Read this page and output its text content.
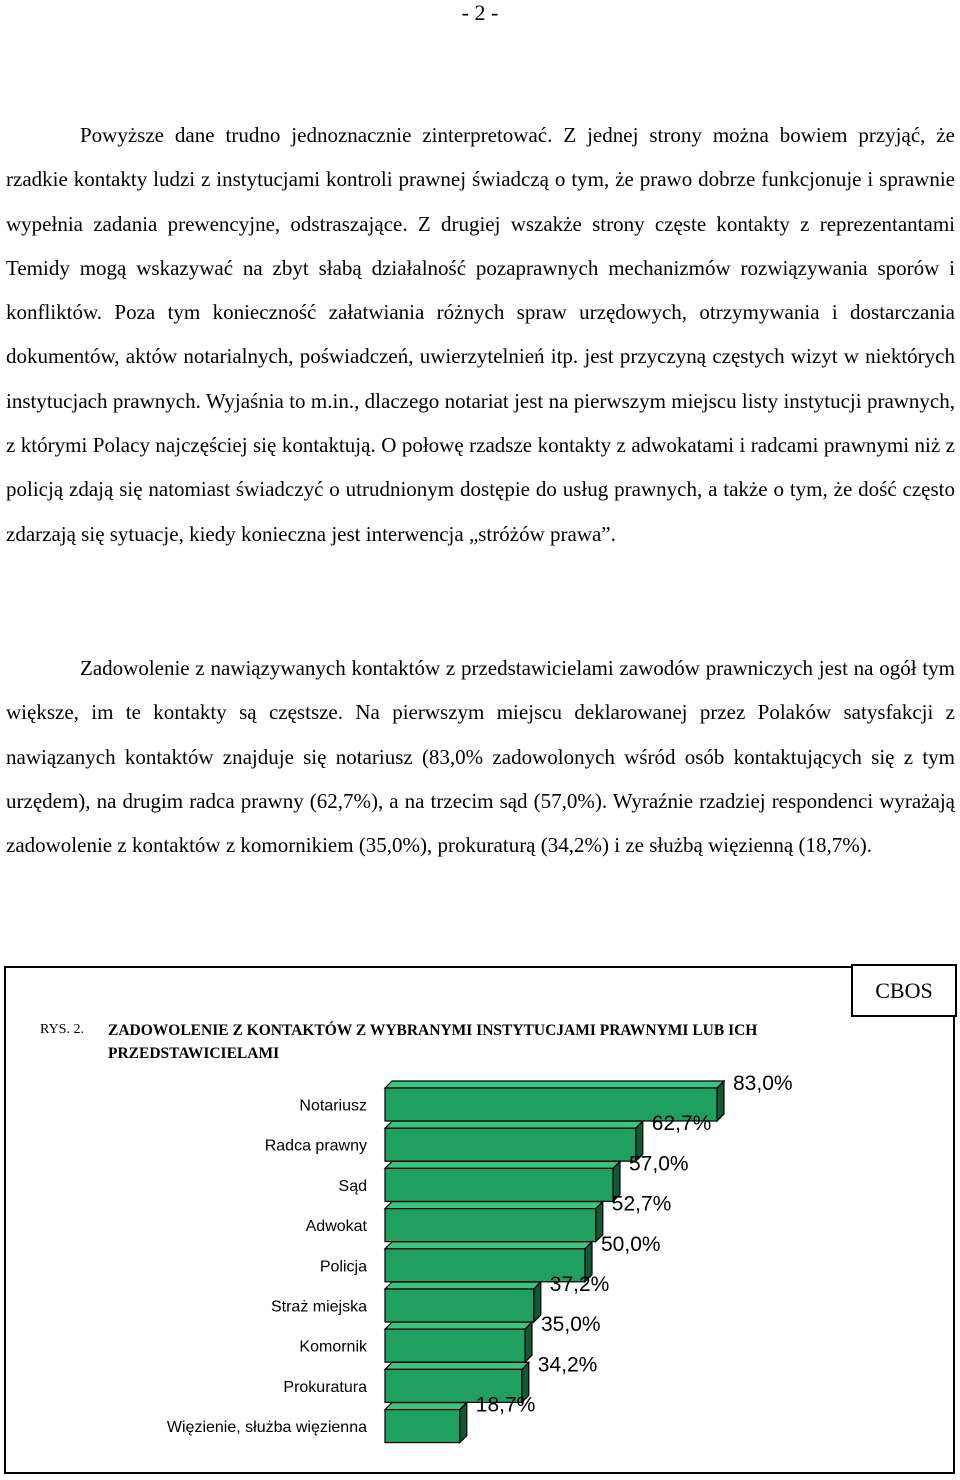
- 2 -

Powyższe dane trudno jednoznacznie zinterpretować. Z jednej strony można bowiem przyjąć, że rzadkie kontakty ludzi z instytucjami kontroli prawnej świadczą o tym, że prawo dobrze funkcjonuje i sprawnie wypełnia zadania prewencyjne, odstraszające. Z drugiej wszakże strony częste kontakty z reprezentantami Temidy mogą wskazywać na zbyt słabą działalność pozaprawnych mechanizmów rozwiązywania sporów i konfliktów. Poza tym konieczność załatwiania różnych spraw urzędowych, otrzymywania i dostarczania dokumentów, aktów notarialnych, poświadczeń, uwierzytelnień itp. jest przyczyną częstych wizyt w niektórych instytucjach prawnych. Wyjaśnia to m.in., dlaczego notariat jest na pierwszym miejscu listy instytucji prawnych, z którymi Polacy najczęściej się kontaktują. O połowę rzadsze kontakty z adwokatami i radcami prawnymi niż z policją zdają się natomiast świadczyć o utrudnionym dostępie do usług prawnych, a także o tym, że dość często zdarzają się sytuacje, kiedy konieczna jest interwencja „stróżów prawa”.

Zadowolenie z nawiązywanych kontaktów z przedstawicielami zawodów prawniczych jest na ogół tym większe, im te kontakty są częstsze. Na pierwszym miejscu deklarowanej przez Polaków satysfakcji z nawiązanych kontaktów znajduje się notariusz (83,0% zadowolonych wśród osób kontaktujących się z tym urzędem), na drugim radca prawny (62,7%), a na trzecim sąd (57,0%). Wyraźnie rzadziej respondenci wyrażają zadowolenie z kontaktów z komornikiem (35,0%), prokuraturą (34,2%) i ze służbą więzienną (18,7%).

CBOS
RYS. 2. ZADOWOLENIE Z KONTAKTÓW Z WYBRANYMI INSTYTUCJAMI PRAWNYMI LUB ICH PRZEDSTAWICIELAMI
Notariusz
83,0%
Radca prawny
62,7%
Sąd
57,0%
Adwokat
52,7%
Policja
50,0%
Straż miejska
37,2%
Komornik
35,0%
Prokuratura
34,2%
Więzienie, służba więzienna
18,7%
